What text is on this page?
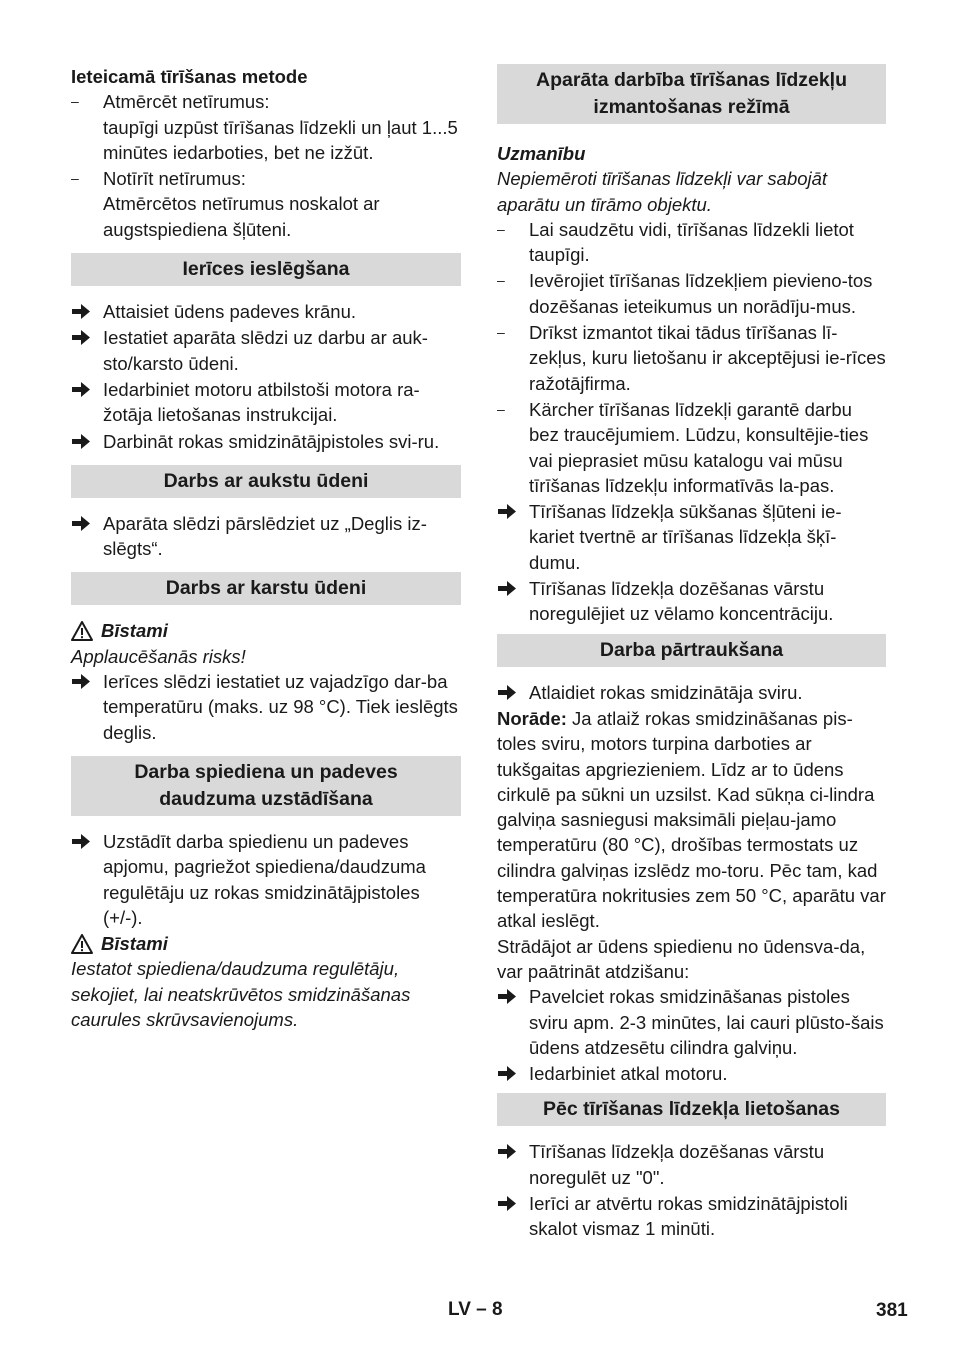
Ieteicamā tīrīšanas metode

–	Atmērcēt netīrumus:
taupīgi uzpūst tīrīšanas līdzekli un ļaut 1...5 minūtes iedarboties, bet ne izžūt.
–	Notīrīt netīrumus:
Atmērcētos netīrumus noskalot ar augstspiediena šļūteni.
Ierīces ieslēgšana
Attaisiet ūdens padeves krānu.
Iestatiet aparāta slēdzi uz darbu ar auk-sto/karsto ūdeni.
Iedarbiniet motoru atbilstoši motora ra-žotāja lietošanas instrukcijai.
Darbināt rokas smidzinātājpistoles svi-ru.
Darbs ar aukstu ūdeni
Aparāta slēdzi pārslēdziet uz „Deglis iz-slēgts“.
Darbs ar karstu ūdeni
Bīstami

Applaucēšanās risks!

Ierīces slēdzi iestatiet uz vajadzīgo dar-ba temperatūru (maks. uz 98 °C). Tiek ieslēgts deglis.
Darba spiediena un padeves
daudzuma uzstādīšana
Uzstādīt darba spiedienu un padeves apjomu, pagriežot spiediena/daudzuma regulētāju uz rokas smidzinātājpistoles (+/-).
Bīstami

Iestatot spiediena/daudzuma regulētāju, sekojiet, lai neatskrūvētos smidzināšanas caurules skrūvsavienojums.

Aparāta darbība tīrīšanas līdzekļu
izmantošanas režīmā

Uzmanību

Nepiemēroti tīrīšanas līdzekļi var sabojāt aparātu un tīrāmo objektu.

–	Lai saudzētu vidi, tīrīšanas līdzekli lietot taupīgi.
–	Ievērojiet tīrīšanas līdzekļiem pievieno-tos dozēšanas ieteikumus un norādīju-mus.
–	Drīkst izmantot tikai tādus tīrīšanas lī-zekļus, kuru lietošanu ir akceptējusi ie-rīces ražotājfirma.
–	Kärcher tīrīšanas līdzekļi garantē darbu bez traucējumiem. Lūdzu, konsultējie-ties vai pieprasiet mūsu katalogu vai mūsu tīrīšanas līdzekļu informatīvās la-pas.
Tīrīšanas līdzekļa sūkšanas šļūteni ie-kariet tvertnē ar tīrīšanas līdzekļa šķī-dumu.
Tīrīšanas līdzekļa dozēšanas vārstu noregulējiet uz vēlamo koncentrāciju.
Darba pārtraukšana
Atlaidiet rokas smidzinātāja sviru.

Norāde: Ja atlaiž rokas smidzināšanas pis-toles sviru, motors turpina darboties ar tukšgaitas apgriezieniem. Līdz ar to ūdens cirkulē pa sūkni un uzsilst. Kad sūkņa ci-lindra galviņa sasniegusi maksimāli pieļau-jamo temperatūru (80 °C), drošības termostats uz cilindra galviņas izslēdz mo-toru. Pēc tam, kad temperatūra nokritusies zem 50 °C, aparātu var atkal ieslēgt.

Strādājot ar ūdens spiedienu no ūdensva-da, var paātrināt atdzišanu:

Pavelciet rokas smidzināšanas pistoles sviru apm. 2-3 minūtes, lai cauri plūsto-šais ūdens atdzesētu cilindra galviņu.
Iedarbiniet atkal motoru.
Pēc tīrīšanas līdzekļa lietošanas
Tīrīšanas līdzekļa dozēšanas vārstu noregulēt uz "0".
Ierīci ar atvērtu rokas smidzinātājpistoli skalot vismaz 1 minūti.
LV – 8	381
